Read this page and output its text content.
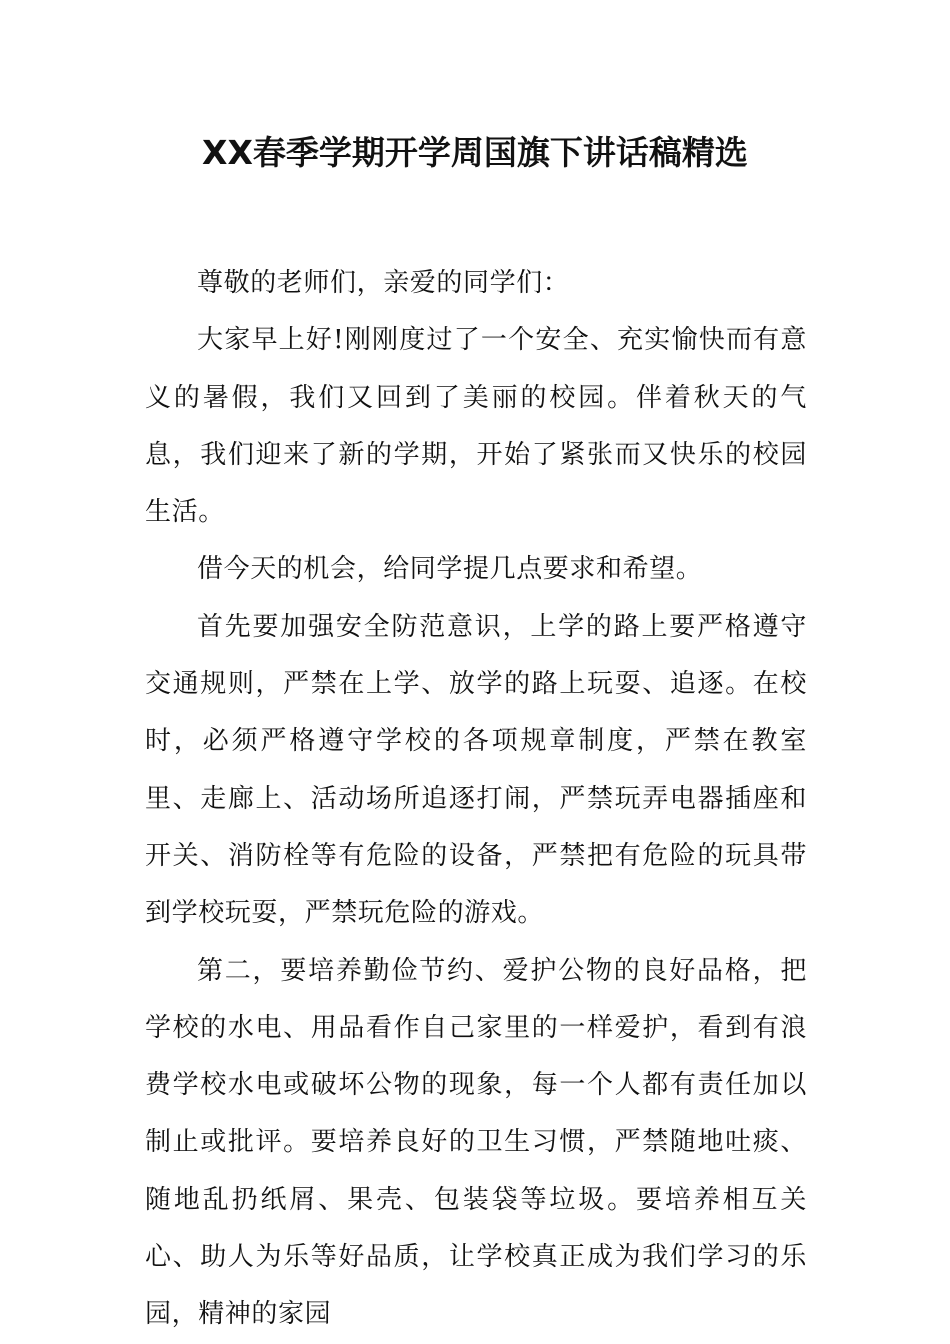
XX春季学期开学周国旗下讲话稿精选

尊敬的老师们，亲爱的同学们：

大家早上好!刚刚度过了一个安全、充实愉快而有意义的暑假，我们又回到了美丽的校园。伴着秋天的气息，我们迎来了新的学期，开始了紧张而又快乐的校园生活。

借今天的机会，给同学提几点要求和希望。

首先要加强安全防范意识，上学的路上要严格遵守交通规则，严禁在上学、放学的路上玩耍、追逐。在校时，必须严格遵守学校的各项规章制度，严禁在教室里、走廊上、活动场所追逐打闹，严禁玩弄电器插座和开关、消防栓等有危险的设备，严禁把有危险的玩具带到学校玩耍，严禁玩危险的游戏。

第二，要培养勤俭节约、爱护公物的良好品格，把学校的水电、用品看作自己家里的一样爱护，看到有浪费学校水电或破坏公物的现象，每一个人都有责任加以制止或批评。要培养良好的卫生习惯，严禁随地吐痰、随地乱扔纸屑、果壳、包装袋等垃圾。要培养相互关心、助人为乐等好品质，让学校真正成为我们学习的乐园，精神的家园
